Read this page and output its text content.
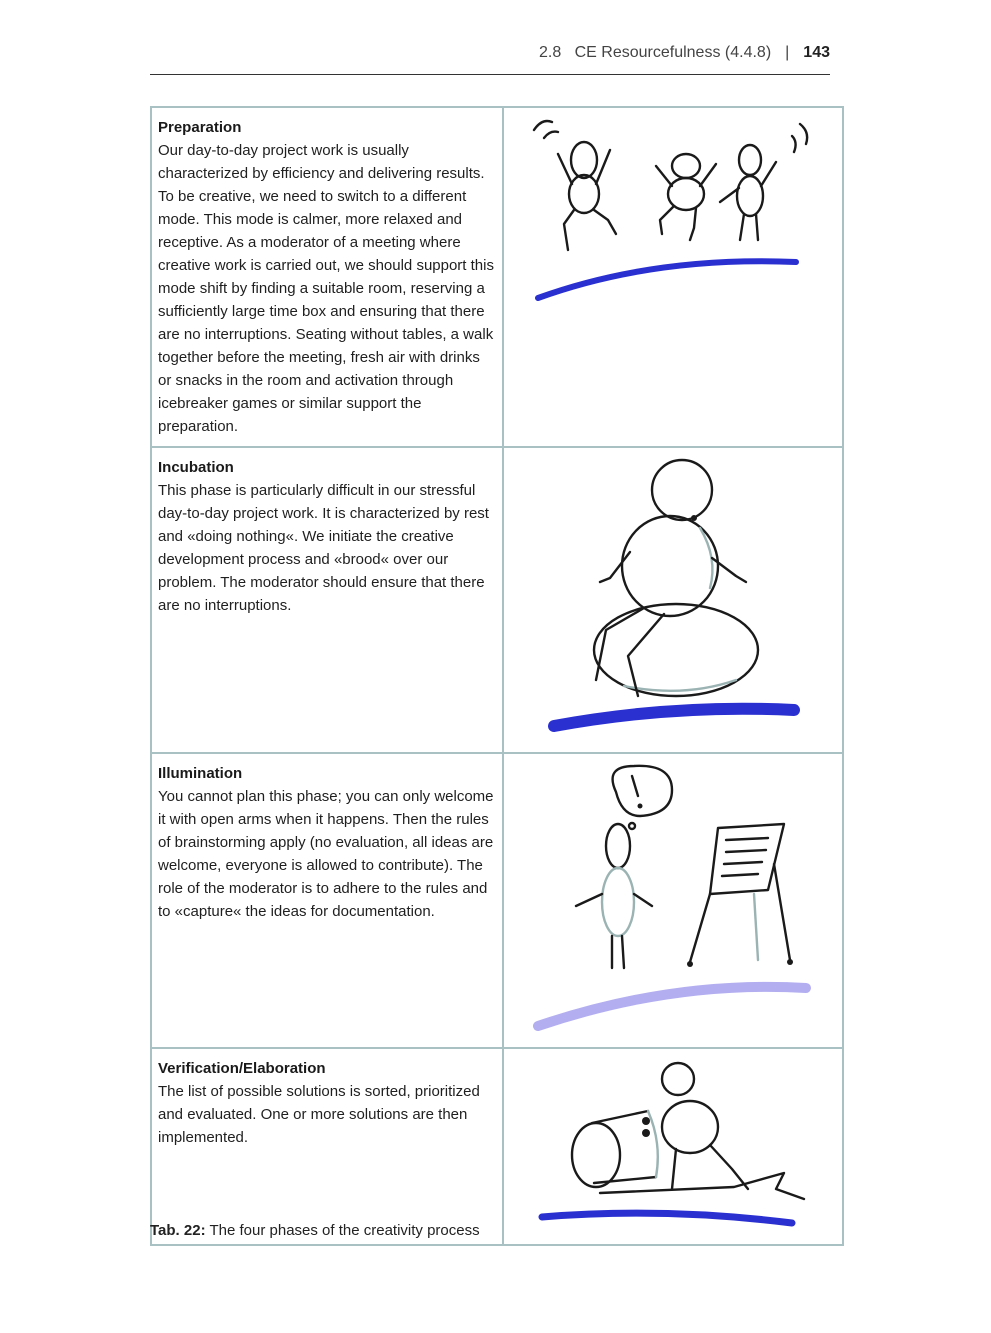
2.8
CE Resourcefulness (4.4.8) | 143
Preparation
Our day-to-day project work is usually characterized by efficiency and delivering results. To be creative, we need to switch to a different mode. This mode is calmer, more relaxed and receptive. As a moderator of a meeting where creative work is carried out, we should support this mode shift by finding a suitable room, reserving a sufficiently large time box and ensuring that there are no interruptions. Seating without tables, a walk together before the meeting, fresh air with drinks or snacks in the room and activation through icebreaker games or similar support the preparation.

Incubation
This phase is particularly difficult in our stressful day-to-day project work. It is characterized by rest and «doing nothing«. We initiate the creative development process and «brood« over our problem. The moderator should ensure that there are no interruptions.

Illumination
You cannot plan this phase; you can only welcome it with open arms when it happens. Then the rules of brainstorming apply (no evaluation, all ideas are welcome, everyone is allowed to contribute). The role of the moderator is to adhere to the rules and to «capture« the ideas for documentation.

Verification/Elaboration
The list of possible solutions is sorted, prioritized and evaluated. One or more solutions are then implemented.

Tab. 22: The four phases of the creativity process
